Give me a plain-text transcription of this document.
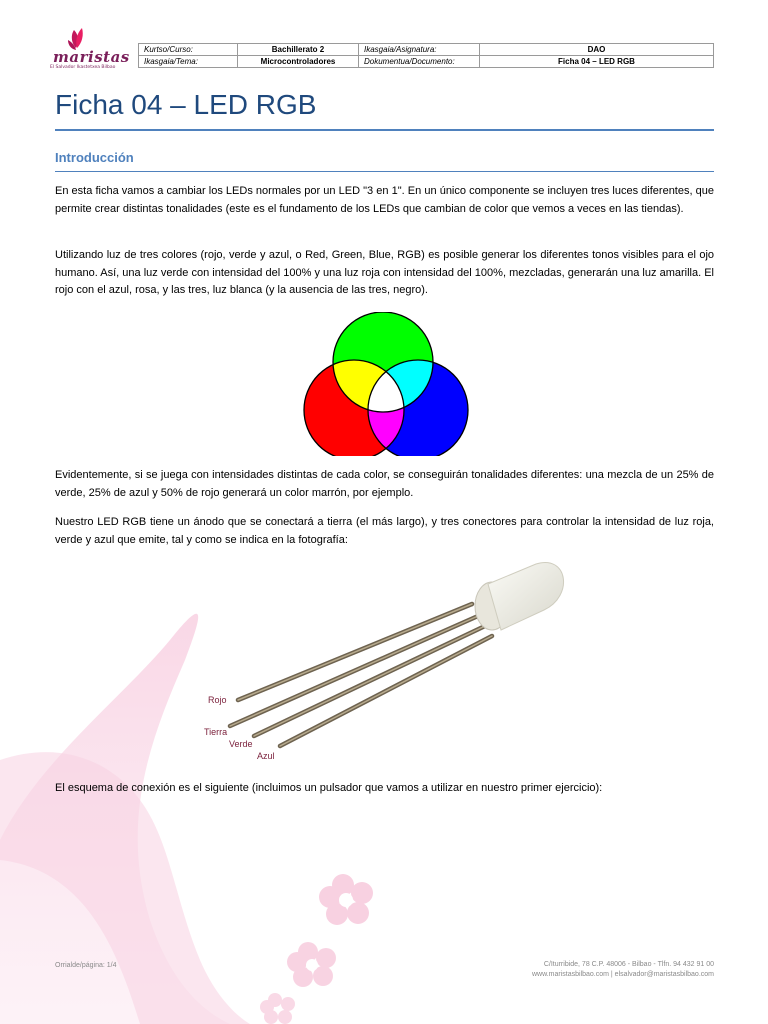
maristas
El Salvador Ikastetxea Bilbao
Kurtso/Curso:	Bachillerato 2	Ikasgaia/Asignatura:	DAO
Ikasgaia/Tema:	Microcontroladores	Dokumentua/Documento:	Ficha 04 – LED RGB
Ficha 04 – LED RGB
Introducción

En esta ficha vamos a cambiar los LEDs normales por un LED "3 en 1". En un único componente se incluyen tres luces diferentes, que permite crear distintas tonalidades (este es el fundamento de los LEDs que cambian de color que vemos a veces en las tiendas).

Utilizando luz de tres colores (rojo, verde y azul, o Red, Green, Blue, RGB) es posible generar los diferentes tonos visibles para el ojo humano. Así, una luz verde con intensidad del 100% y una luz roja con intensidad del 100%, mezcladas, generarán una luz amarilla. El rojo con el azul, rosa, y las tres, luz blanca (y la ausencia de las tres, negro).

Evidentemente, si se juega con intensidades distintas de cada color, se conseguirán tonalidades diferentes: una mezcla de un 25% de verde, 25% de azul y 50% de rojo generará un color marrón, por ejemplo.

Nuestro LED RGB tiene un ánodo que se conectará a tierra (el más largo), y tres conectores para controlar la intensidad de luz roja, verde y azul que emite, tal y como se indica en la fotografía:

Rojo
Tierra
Verde
Azul

El esquema de conexión es el siguiente (incluimos un pulsador que vamos a utilizar en nuestro primer ejercicio):

Orrialde/página: 1/4	C/Iturribide, 78 C.P. 48006 - Bilbao - Tlfn. 94 432 91 00
www.maristasbilbao.com | elsalvador@maristasbilbao.com
